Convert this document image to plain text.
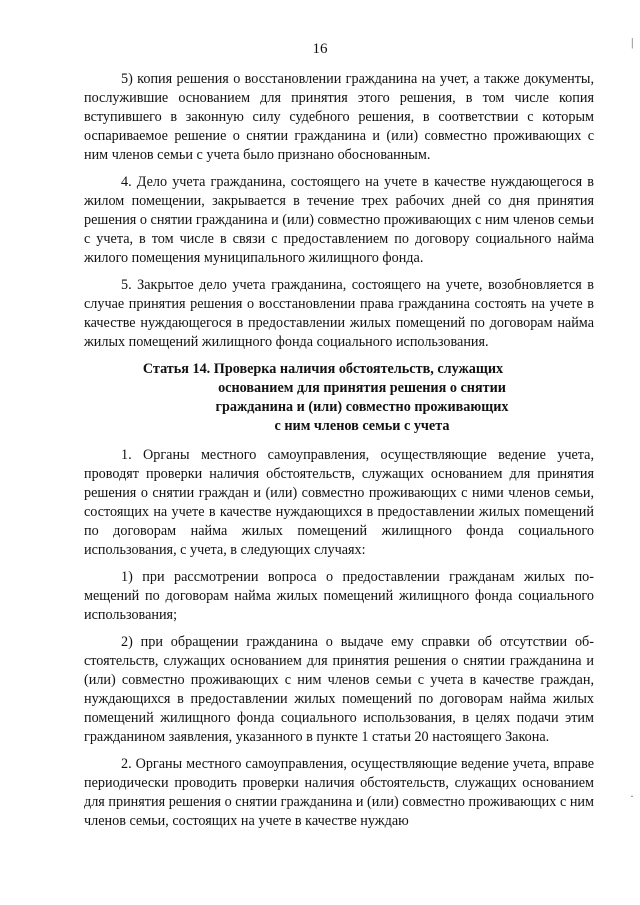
16

5) копия решения о восстановлении гражданина на учет, а также документы, послужившие основанием для принятия этого решения, в том числе копия вступившего в законную силу судебного решения, в соответствии с которым оспариваемое решение о снятии гражданина и (или) совместно проживающих с ним членов семьи с учета было признано обоснованным.

4. Дело учета гражданина, состоящего на учете в качестве нуждающегося в жилом помещении, закрывается в течение трех рабочих дней со дня принятия решения о снятии гражданина и (или) совместно проживающих с ним членов семьи с учета, в том числе в связи с предоставлением по договору социального найма жилого помещения муниципального жилищного фонда.

5. Закрытое дело учета гражданина, состоящего на учете, возобновляется в случае принятия решения о восстановлении права гражданина состоять на учете в качестве нуждающегося в предоставлении жилых помещений по договорам найма жилых помещений жилищного фонда социального использования.

Статья 14. Проверка наличия обстоятельств, служащих
основанием для принятия решения о снятии
гражданина и (или) совместно проживающих
с ним членов семьи с учета

1. Органы местного самоуправления, осуществляющие ведение учета, проводят проверки наличия обстоятельств, служащих основанием для принятия решения о снятии граждан и (или) совместно проживающих с ними членов семьи, состоящих на учете в качестве нуждающихся в предоставлении жилых помещений по договорам найма жилых помещений жилищного фонда социального использования, с учета, в следующих случаях:

1) при рассмотрении вопроса о предоставлении гражданам жилых помещений по договорам найма жилых помещений жилищного фонда социального использования;

2) при обращении гражданина о выдаче ему справки об отсутствии обстоятельств, служащих основанием для принятия решения о снятии гражданина и (или) совместно проживающих с ним членов семьи с учета в качестве граждан, нуждающихся в предоставлении жилых помещений по договорам найма жилых помещений жилищного фонда социального использования, в целях подачи этим гражданином заявления, указанного в пункте 1 статьи 20 настоящего Закона.

2. Органы местного самоуправления, осуществляющие ведение учета, вправе периодически проводить проверки наличия обстоятельств, служащих основанием для принятия решения о снятии гражданина и (или) совместно проживающих с ним членов семьи, состоящих на учете в качестве нуждаю

|
·
